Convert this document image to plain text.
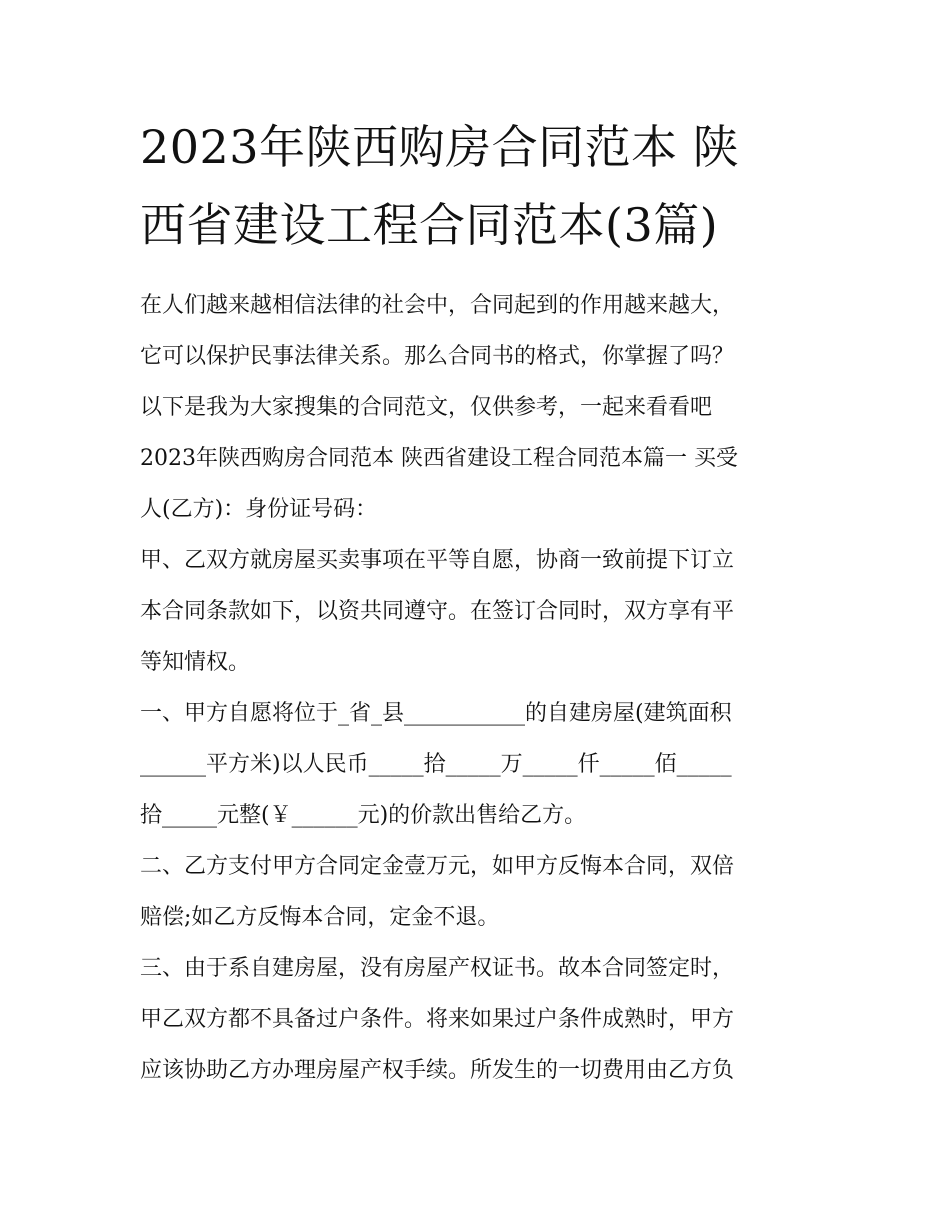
2023年陕西购房合同范本 陕
西省建设工程合同范本(3篇)
在人们越来越相信法律的社会中，合同起到的作用越来越大，
它可以保护民事法律关系。那么合同书的格式，你掌握了吗？
以下是我为大家搜集的合同范文，仅供参考，一起来看看吧
2023年陕西购房合同范本 陕西省建设工程合同范本篇一 买受
人(乙方)：身份证号码：
甲、乙双方就房屋买卖事项在平等自愿，协商一致前提下订立
本合同条款如下，以资共同遵守。在签订合同时，双方享有平
等知情权。
一、甲方自愿将位于_省_县___________的自建房屋(建筑面积
______平方米)以人民币_____拾_____万_____仟_____佰_____
拾_____元整(￥______元)的价款出售给乙方。
二、乙方支付甲方合同定金壹万元，如甲方反悔本合同，双倍
赔偿;如乙方反悔本合同，定金不退。
三、由于系自建房屋，没有房屋产权证书。故本合同签定时，
甲乙双方都不具备过户条件。将来如果过户条件成熟时，甲方
应该协助乙方办理房屋产权手续。所发生的一切费用由乙方负
